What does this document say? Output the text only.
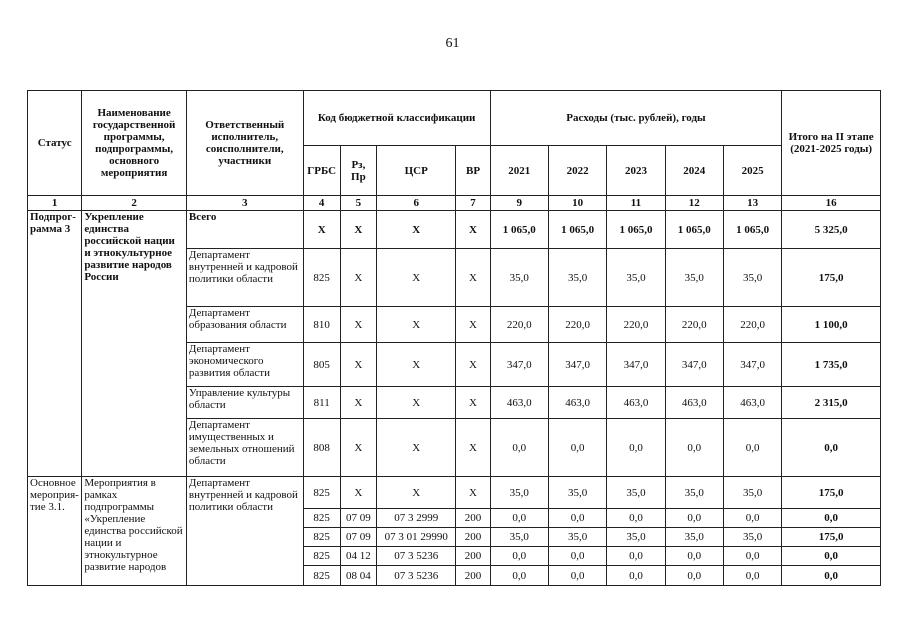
61
Статус	Наименование государственной программы, подпрограммы, основного мероприятия	Ответственный исполнитель, соисполнители, участники	Код бюджетной классификации				Расходы (тыс. рублей), годы					Итого на II этапе (2021-2025 годы)
			ГРБС	Рз, Пр	ЦСР	ВР	2021	2022	2023	2024	2025	
1	2	3	4	5	6	7	9	10	11	12	13	16
Подпрог-рамма 3	Укрепление единства российской нации и этнокультурное развитие народов России	Всего	Х	Х	Х	Х	1 065,0	1 065,0	1 065,0	1 065,0	1 065,0	5 325,0
		Департамент внутренней и кадровой политики области	825	Х	Х	Х	35,0	35,0	35,0	35,0	35,0	175,0
		Департамент образования области	810	Х	Х	Х	220,0	220,0	220,0	220,0	220,0	1 100,0
		Департамент экономического развития области	805	Х	Х	Х	347,0	347,0	347,0	347,0	347,0	1 735,0
		Управление культуры области	811	Х	Х	Х	463,0	463,0	463,0	463,0	463,0	2 315,0
		Департамент имущественных и земельных отношений области	808	Х	Х	Х	0,0	0,0	0,0	0,0	0,0	0,0
Основное мероприя-тие 3.1.	Мероприятия в рамках подпрограммы «Укрепление единства российской нации и этнокультурное развитие народов	Департамент внутренней и кадровой политики области	825	Х	Х	Х	35,0	35,0	35,0	35,0	35,0	175,0
			825	07 09	07 3 2999	200	0,0	0,0	0,0	0,0	0,0	0,0
			825	07 09	07 3 01 29990	200	35,0	35,0	35,0	35,0	35,0	175,0
			825	04 12	07 3 5236	200	0,0	0,0	0,0	0,0	0,0	0,0
			825	08 04	07 3 5236	200	0,0	0,0	0,0	0,0	0,0	0,0
